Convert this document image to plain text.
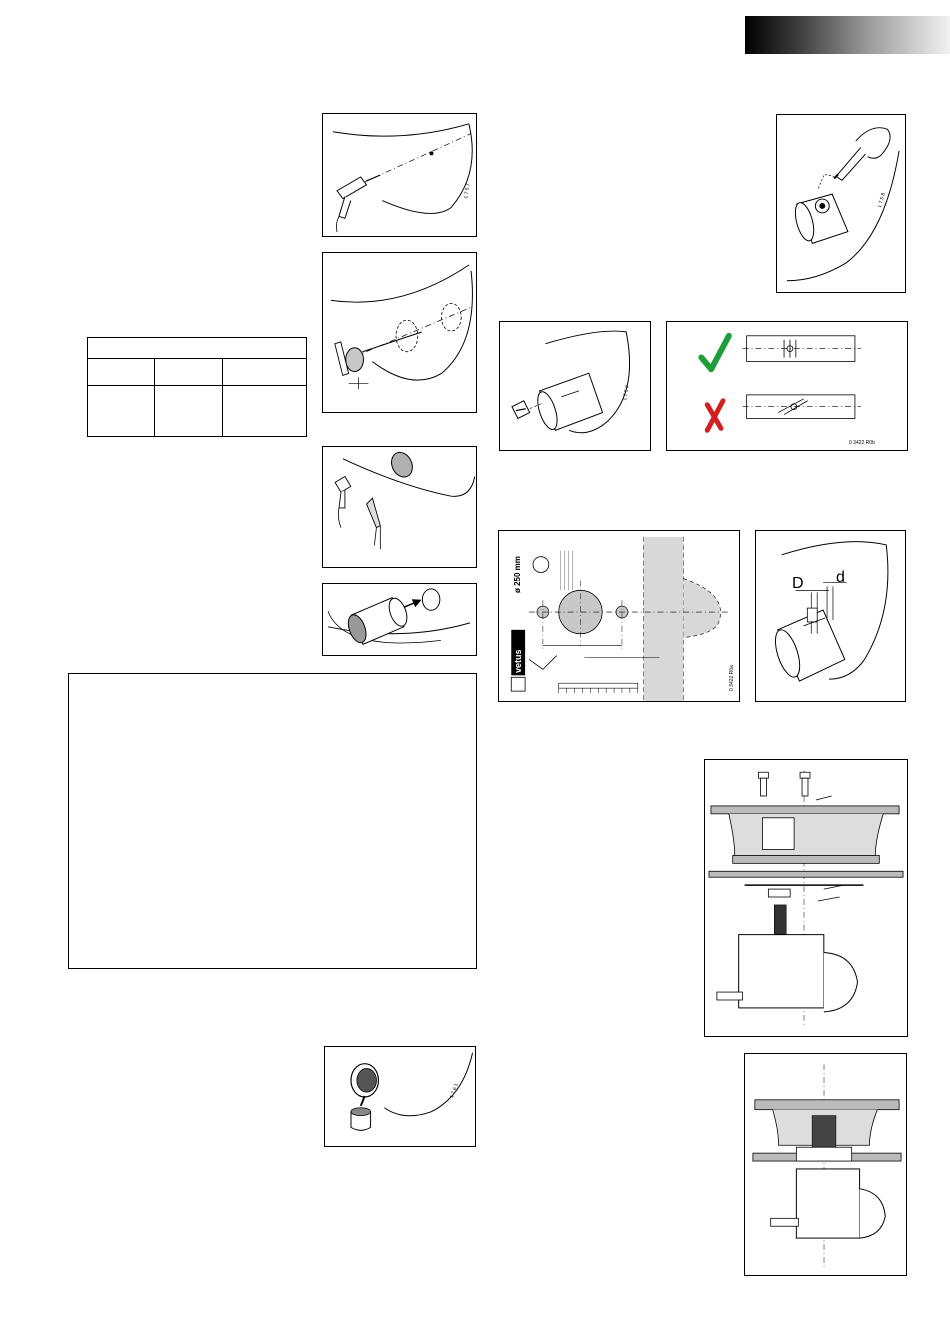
1 7 5 7

1 7 6 1
1 7 5 8
1 7 5 9
0 3422 R0b
ø 250 mm
vetus
0 3422 R0a
D d
